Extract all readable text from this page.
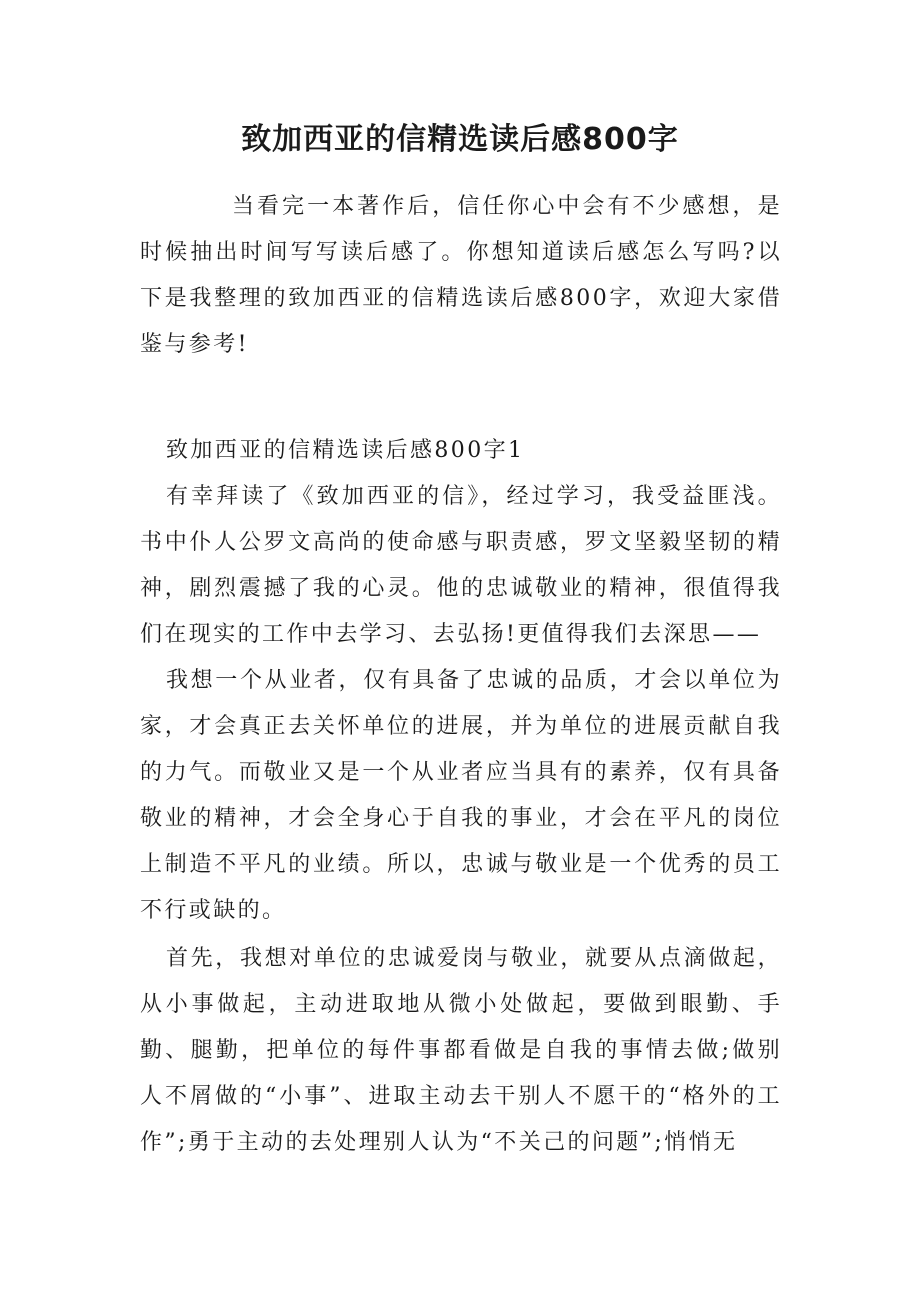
致加西亚的信精选读后感800字

当看完一本著作后，信任你心中会有不少感想，是时候抽出时间写写读后感了。你想知道读后感怎么写吗?以下是我整理的致加西亚的信精选读后感800字，欢迎大家借鉴与参考!

致加西亚的信精选读后感800字1

有幸拜读了《致加西亚的信》，经过学习，我受益匪浅。书中仆人公罗文高尚的使命感与职责感，罗文坚毅坚韧的精神，剧烈震撼了我的心灵。他的忠诚敬业的精神，很值得我们在现实的工作中去学习、去弘扬!更值得我们去深思——

我想一个从业者，仅有具备了忠诚的品质，才会以单位为家，才会真正去关怀单位的进展，并为单位的进展贡献自我的力气。而敬业又是一个从业者应当具有的素养，仅有具备敬业的精神，才会全身心于自我的事业，才会在平凡的岗位上制造不平凡的业绩。所以，忠诚与敬业是一个优秀的员工不行或缺的。

首先，我想对单位的忠诚爱岗与敬业，就要从点滴做起，从小事做起，主动进取地从微小处做起，要做到眼勤、手勤、腿勤，把单位的每件事都看做是自我的事情去做;做别人不屑做的“小事”、进取主动去干别人不愿干的“格外的工作”;勇于主动的去处理别人认为“不关己的问题”;悄悄无
